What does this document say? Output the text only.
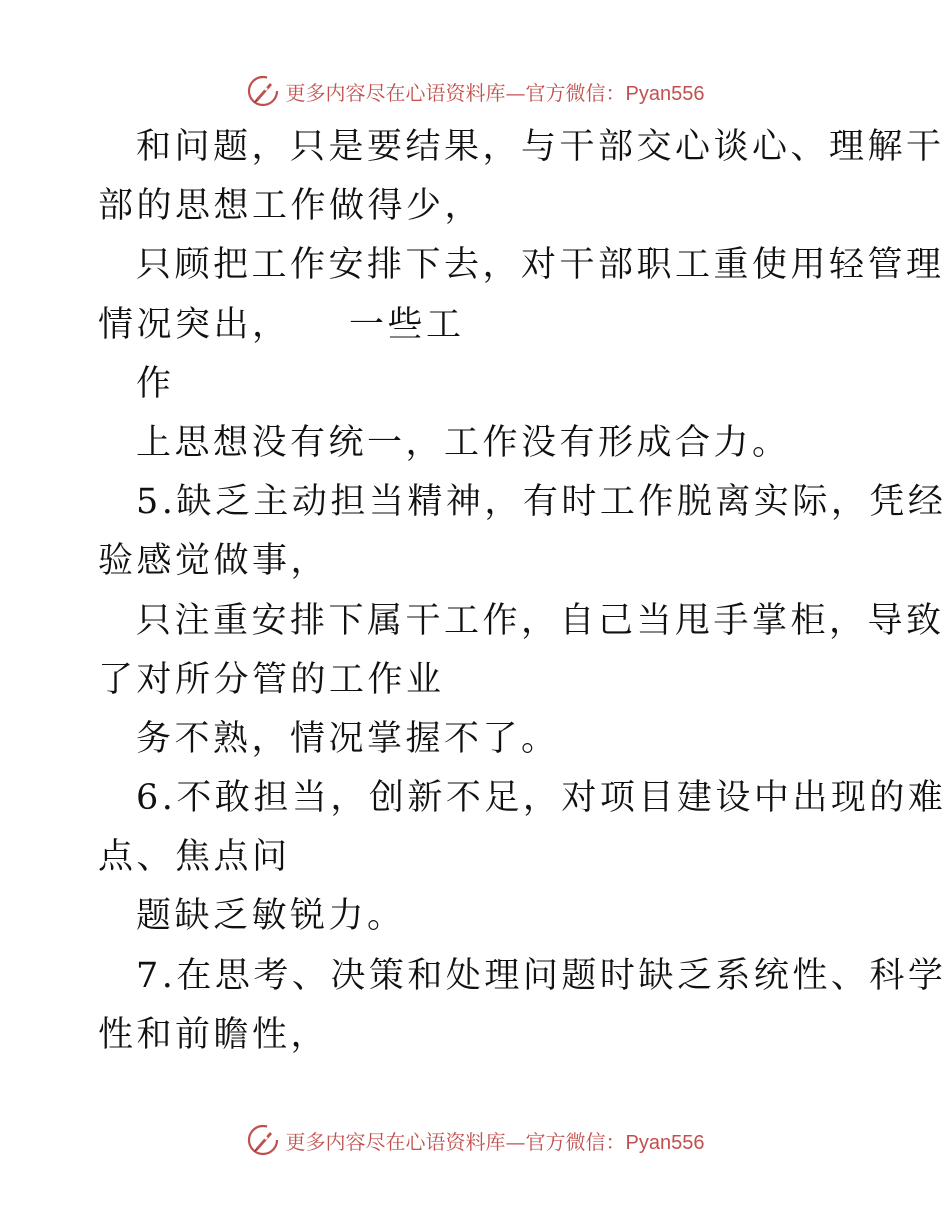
更多内容尽在心语资料库—官方微信：Pyan556
和问题，只是要结果，与干部交心谈心、理解干
部的思想工作做得少，
只顾把工作安排下去，对干部职工重使用轻管理
情况突出，    一些工
作
上思想没有统一，工作没有形成合力。
5.缺乏主动担当精神，有时工作脱离实际，凭经
验感觉做事，
只注重安排下属干工作，自己当甩手掌柜，导致
了对所分管的工作业
务不熟，情况掌握不了。
6.不敢担当，创新不足，对项目建设中出现的难
点、焦点问
题缺乏敏锐力。
7.在思考、决策和处理问题时缺乏系统性、科学
性和前瞻性，
更多内容尽在心语资料库—官方微信：Pyan556
